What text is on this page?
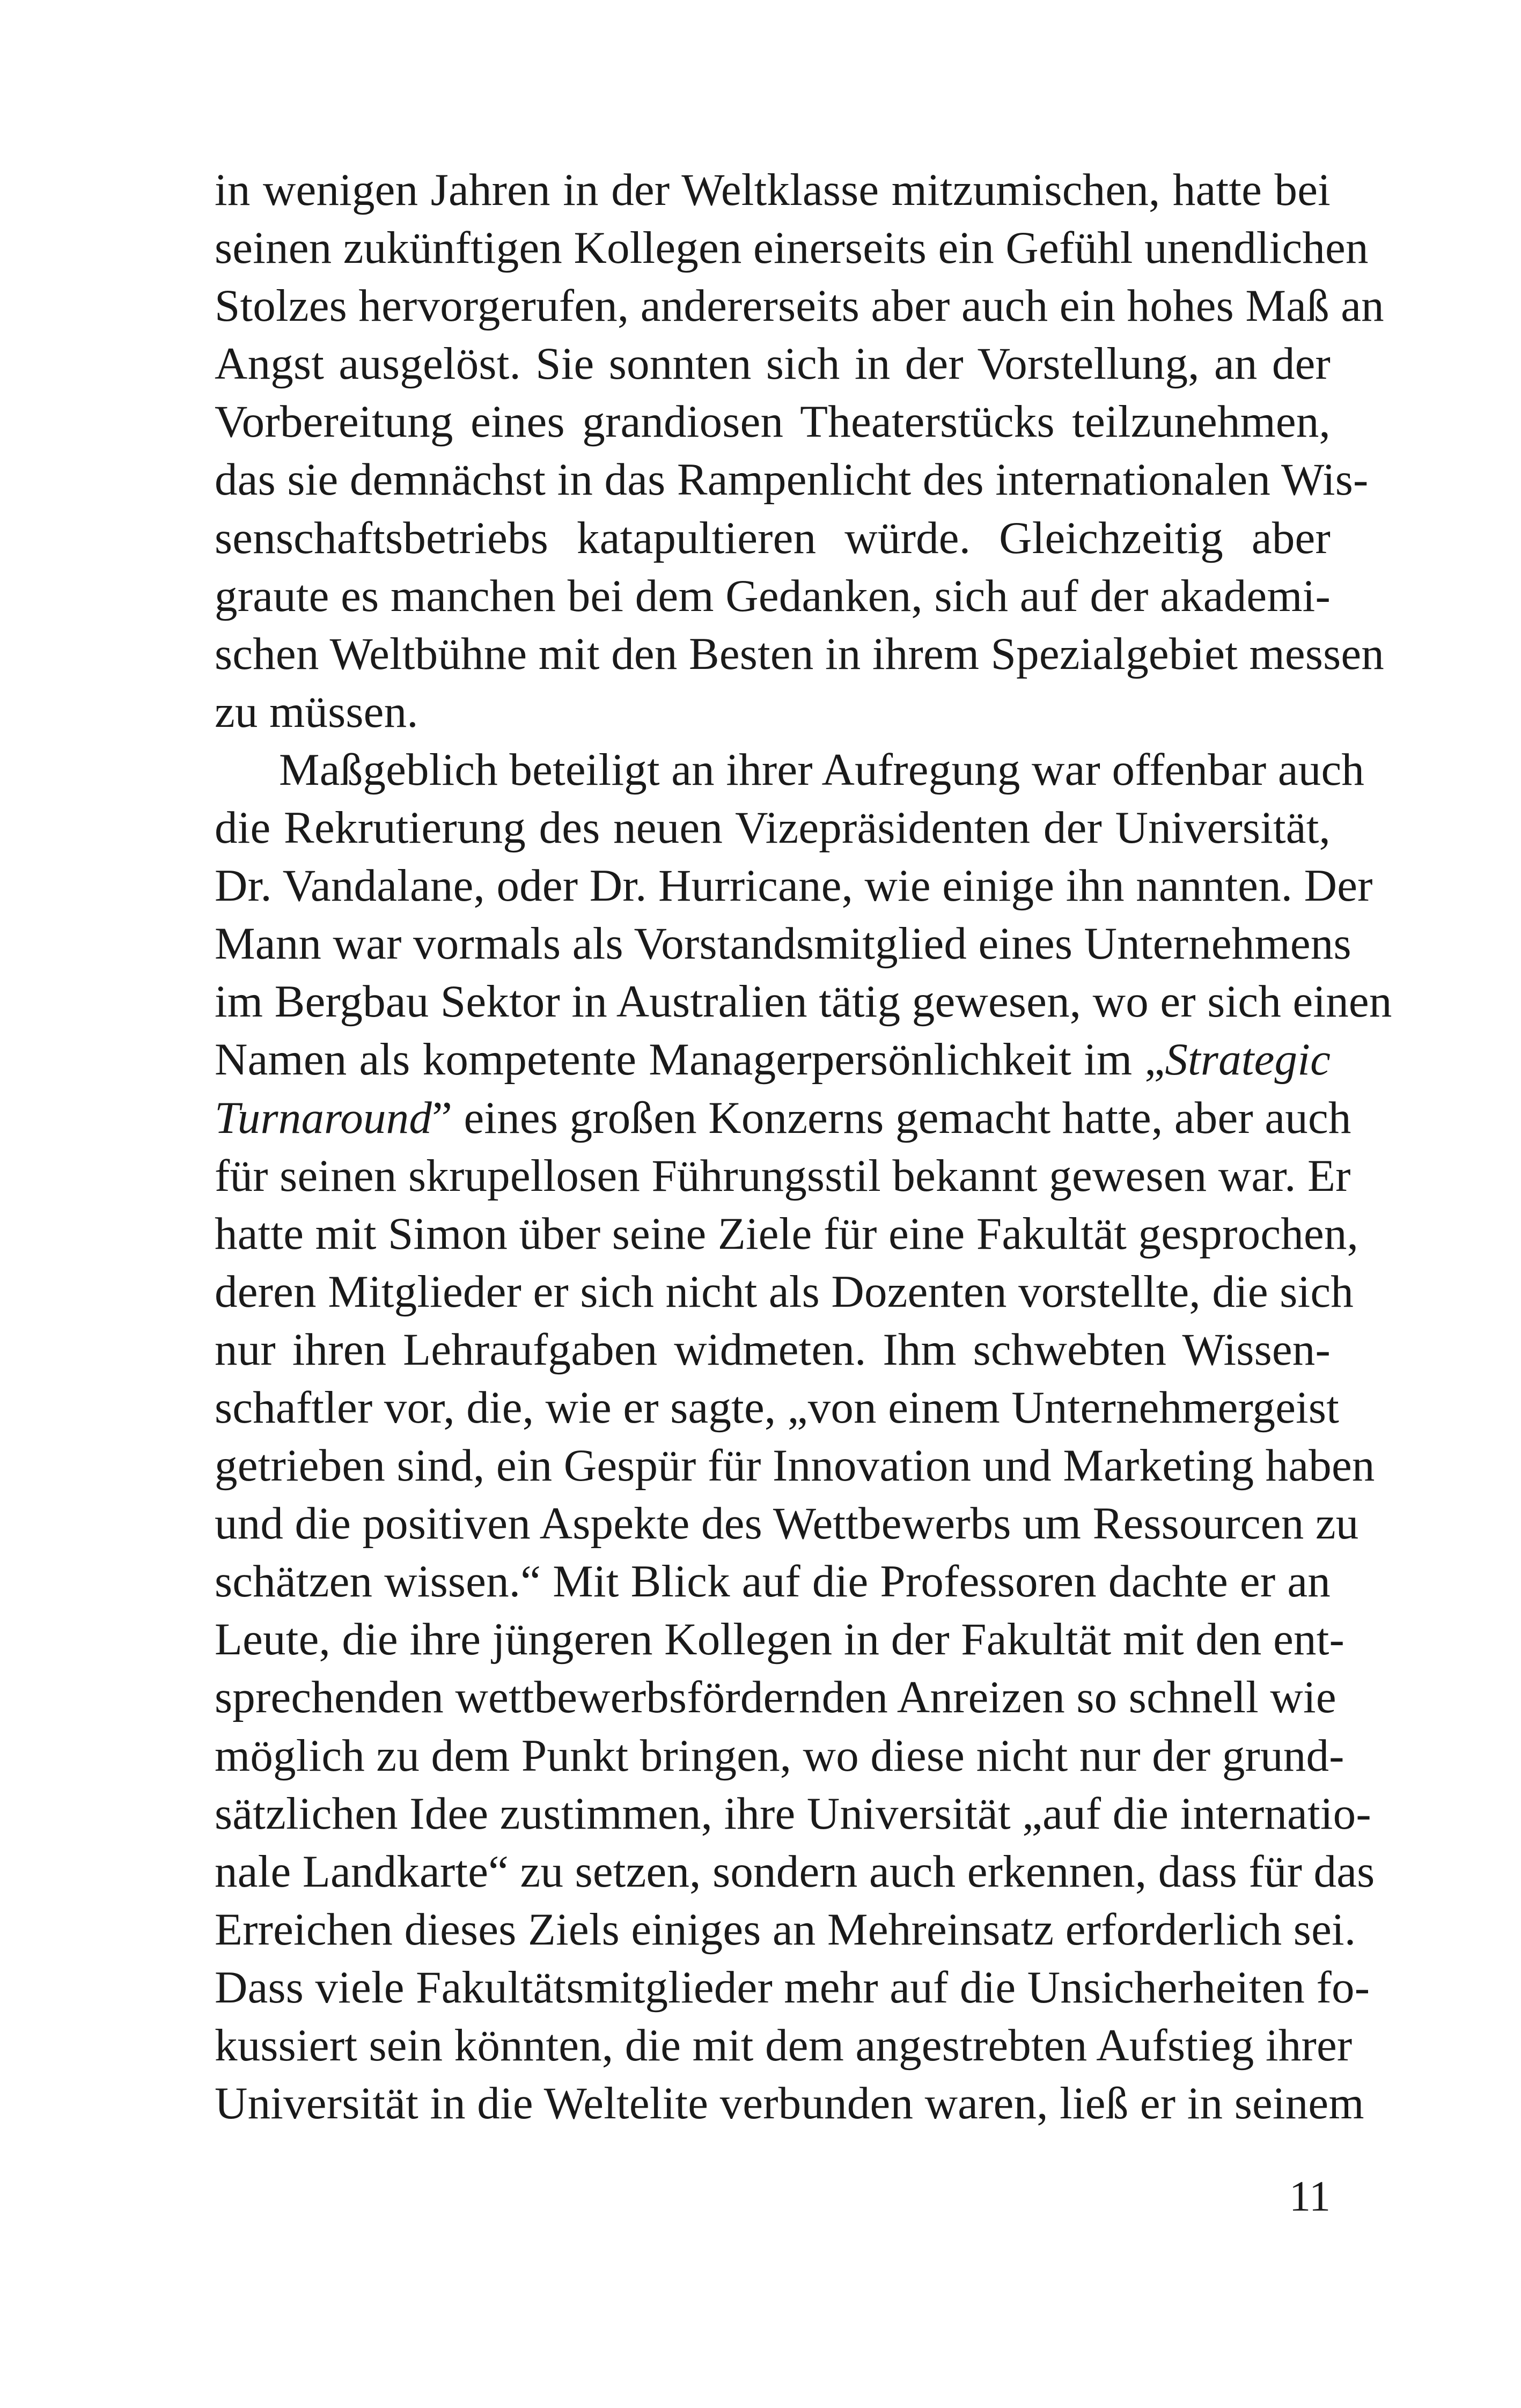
in wenigen Jahren in der Weltklasse mitzumischen, hatte bei
seinen zukünftigen Kollegen einerseits ein Gefühl unendlichen
Stolzes hervorgerufen, andererseits aber auch ein hohes Maß an
Angst ausgelöst. Sie sonnten sich in der Vorstellung, an der
Vorbereitung eines grandiosen Theaterstücks teilzunehmen,
das sie demnächst in das Rampenlicht des internationalen Wis-
senschaftsbetriebs katapultieren würde. Gleichzeitig aber
graute es manchen bei dem Gedanken, sich auf der akademi-
schen Weltbühne mit den Besten in ihrem Spezialgebiet messen
zu müssen.
Maßgeblich beteiligt an ihrer Aufregung war offenbar auch
die Rekrutierung des neuen Vizepräsidenten der Universität,
Dr. Vandalane, oder Dr. Hurricane, wie einige ihn nannten. Der
Mann war vormals als Vorstandsmitglied eines Unternehmens
im Bergbau Sektor in Australien tätig gewesen, wo er sich einen
Namen als kompetente Managerpersönlichkeit im „Strategic
Turnaround” eines großen Konzerns gemacht hatte, aber auch
für seinen skrupellosen Führungsstil bekannt gewesen war. Er
hatte mit Simon über seine Ziele für eine Fakultät gesprochen,
deren Mitglieder er sich nicht als Dozenten vorstellte, die sich
nur ihren Lehraufgaben widmeten. Ihm schwebten Wissen-
schaftler vor, die, wie er sagte, „von einem Unternehmergeist
getrieben sind, ein Gespür für Innovation und Marketing haben
und die positiven Aspekte des Wettbewerbs um Ressourcen zu
schätzen wissen.“ Mit Blick auf die Professoren dachte er an
Leute, die ihre jüngeren Kollegen in der Fakultät mit den ent-
sprechenden wettbewerbsfördernden Anreizen so schnell wie
möglich zu dem Punkt bringen, wo diese nicht nur der grund-
sätzlichen Idee zustimmen, ihre Universität „auf die internatio-
nale Landkarte“ zu setzen, sondern auch erkennen, dass für das
Erreichen dieses Ziels einiges an Mehreinsatz erforderlich sei.
Dass viele Fakultätsmitglieder mehr auf die Unsicherheiten fo-
kussiert sein könnten, die mit dem angestrebten Aufstieg ihrer
Universität in die Weltelite verbunden waren, ließ er in seinem
11
